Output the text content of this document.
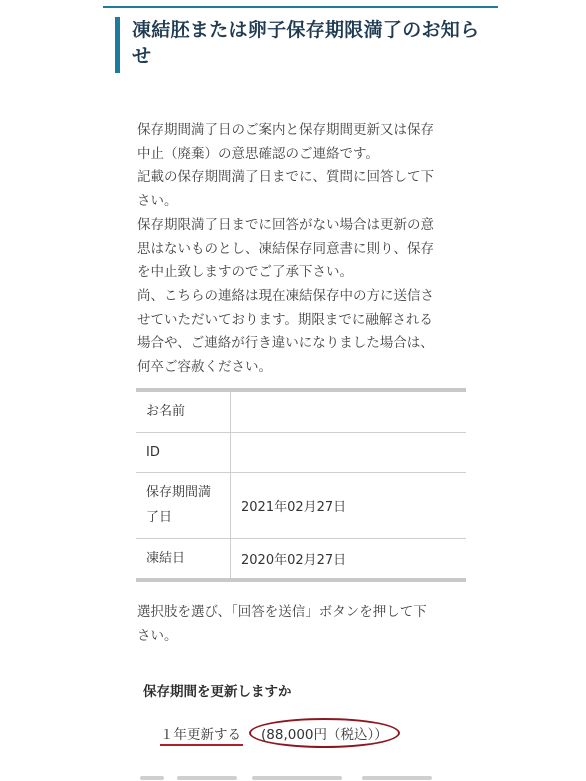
凍結胚または卵子保存期限満了のお知らせ

保存期間満了日のご案内と保存期間更新又は保存
中止（廃棄）の意思確認のご連絡です。
記載の保存期間満了日までに、質問に回答して下
さい。
保存期限満了日までに回答がない場合は更新の意
思はないものとし、凍結保存同意書に則り、保存
を中止致しますのでご了承下さい。
尚、こちらの連絡は現在凍結保存中の方に送信さ
せていただいております。期限までに融解される
場合や、ご連絡が行き違いになりました場合は、
何卒ご容赦ください。

お名前	
ID	
保存期間満了日	2021年02月27日
凍結日	2020年02月27日

選択肢を選び、「回答を送信」ボタンを押して下
さい。

保存期間を更新しますか

１年更新する (88,000円（税込））
